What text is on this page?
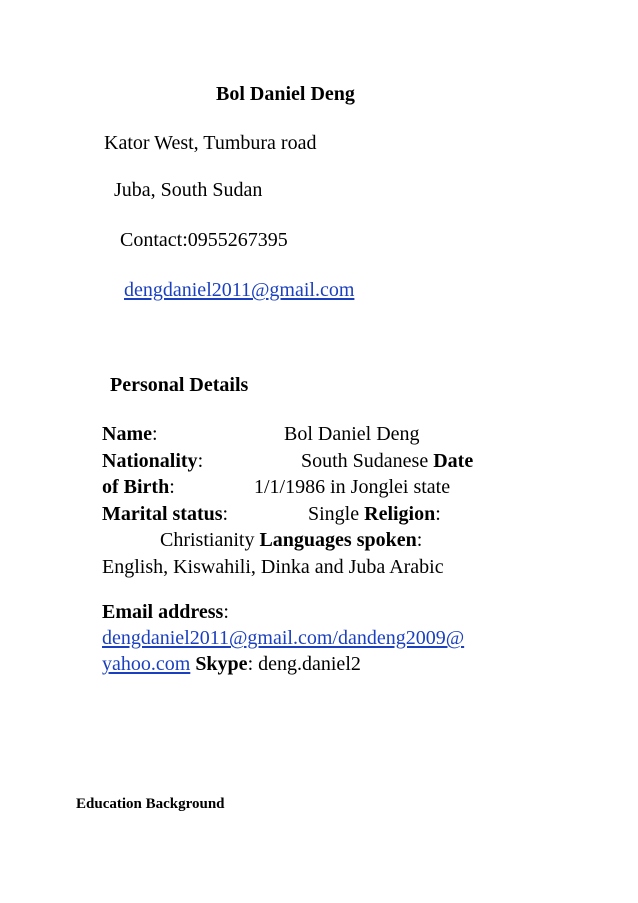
Bol Daniel Deng
Kator West, Tumbura road
Juba, South Sudan
Contact:0955267395
dengdaniel2011@gmail.com
Personal Details
Name:	Bol Daniel Deng
Nationality:	South Sudanese Date
of Birth:	1/1/1986 in Jonglei state
Marital status:	Single Religion:
Christianity Languages spoken:
English, Kiswahili, Dinka and Juba Arabic
Email address:
dengdaniel2011@gmail.com/dandeng2009@
yahoo.com Skype: deng.daniel2
Education Background
